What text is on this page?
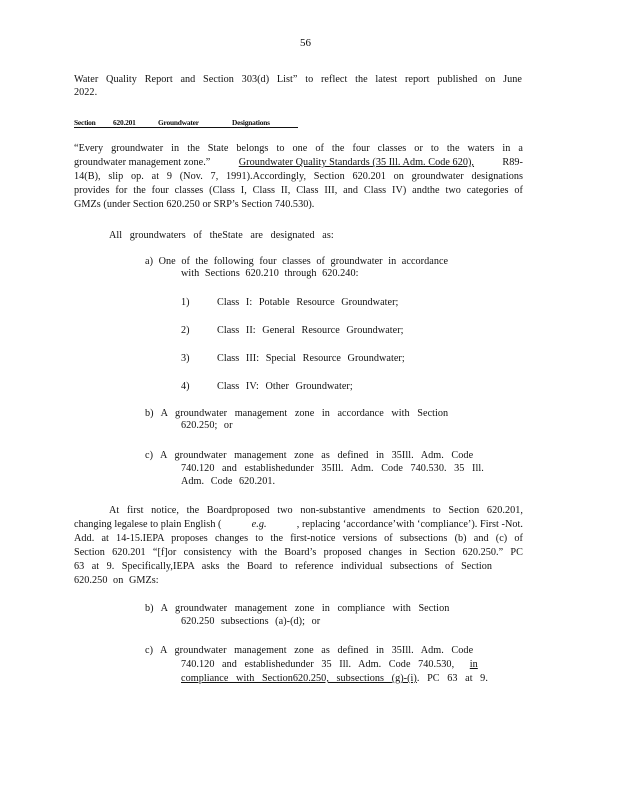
56
Water Quality Report and Section 303(d) List” to reflect the latest report published on June
2022.
Section 620.201	Groundwater	Designations
“Every groundwater in the State belongs to one of the four classes or to the waters in a
groundwater management zone.”	Groundwater Quality Standards (35 Ill. Adm. Code 620),	R89-
14(B), slip op. at 9 (Nov. 7, 1991).Accordingly, Section 620.201 on groundwater designations
provides for the four classes (Class I, Class II, Class III, and Class IV) andthe two categories of
GMZs (under Section 620.250 or SRP’s Section 740.530).
All groundwaters of theState are designated as:
a) One of the following four classes of groundwater in accordance
with Sections 620.210 through 620.240:
1)	Class I: Potable Resource Groundwater;
2)	Class II: General Resource Groundwater;
3)	Class III: Special Resource Groundwater;
4)	Class IV: Other Groundwater;
b) A groundwater management zone in accordance with Section
620.250; or
c) A groundwater management zone as defined in 35Ill. Adm. Code
740.120 and establishedunder 35Ill. Adm. Code 740.530. 35 Ill.
Adm. Code 620.201.
At first notice, the Boardproposed two non-substantive amendments to Section 620.201,
changing legalese to plain English (	e.g.	, replacing ‘accordance’with ‘compliance’). First -Not.
Add. at 14-15.IEPA proposes changes to the first-notice versions of subsections (b) and (c) of
Section 620.201 “[f]or consistency with the Board’s proposed changes in Section 620.250.” PC
63 at 9. Specifically,IEPA asks the Board to reference individual subsections of Section
620.250 on GMZs:
b) A groundwater management zone in compliance with Section
620.250 subsections (a)-(d); or
c) A groundwater management zone as defined in 35Ill. Adm. Code
740.120 and establishedunder 35 Ill. Adm. Code 740.530, in
compliance with Section620.250, subsections (g)-(i). PC 63 at 9.
